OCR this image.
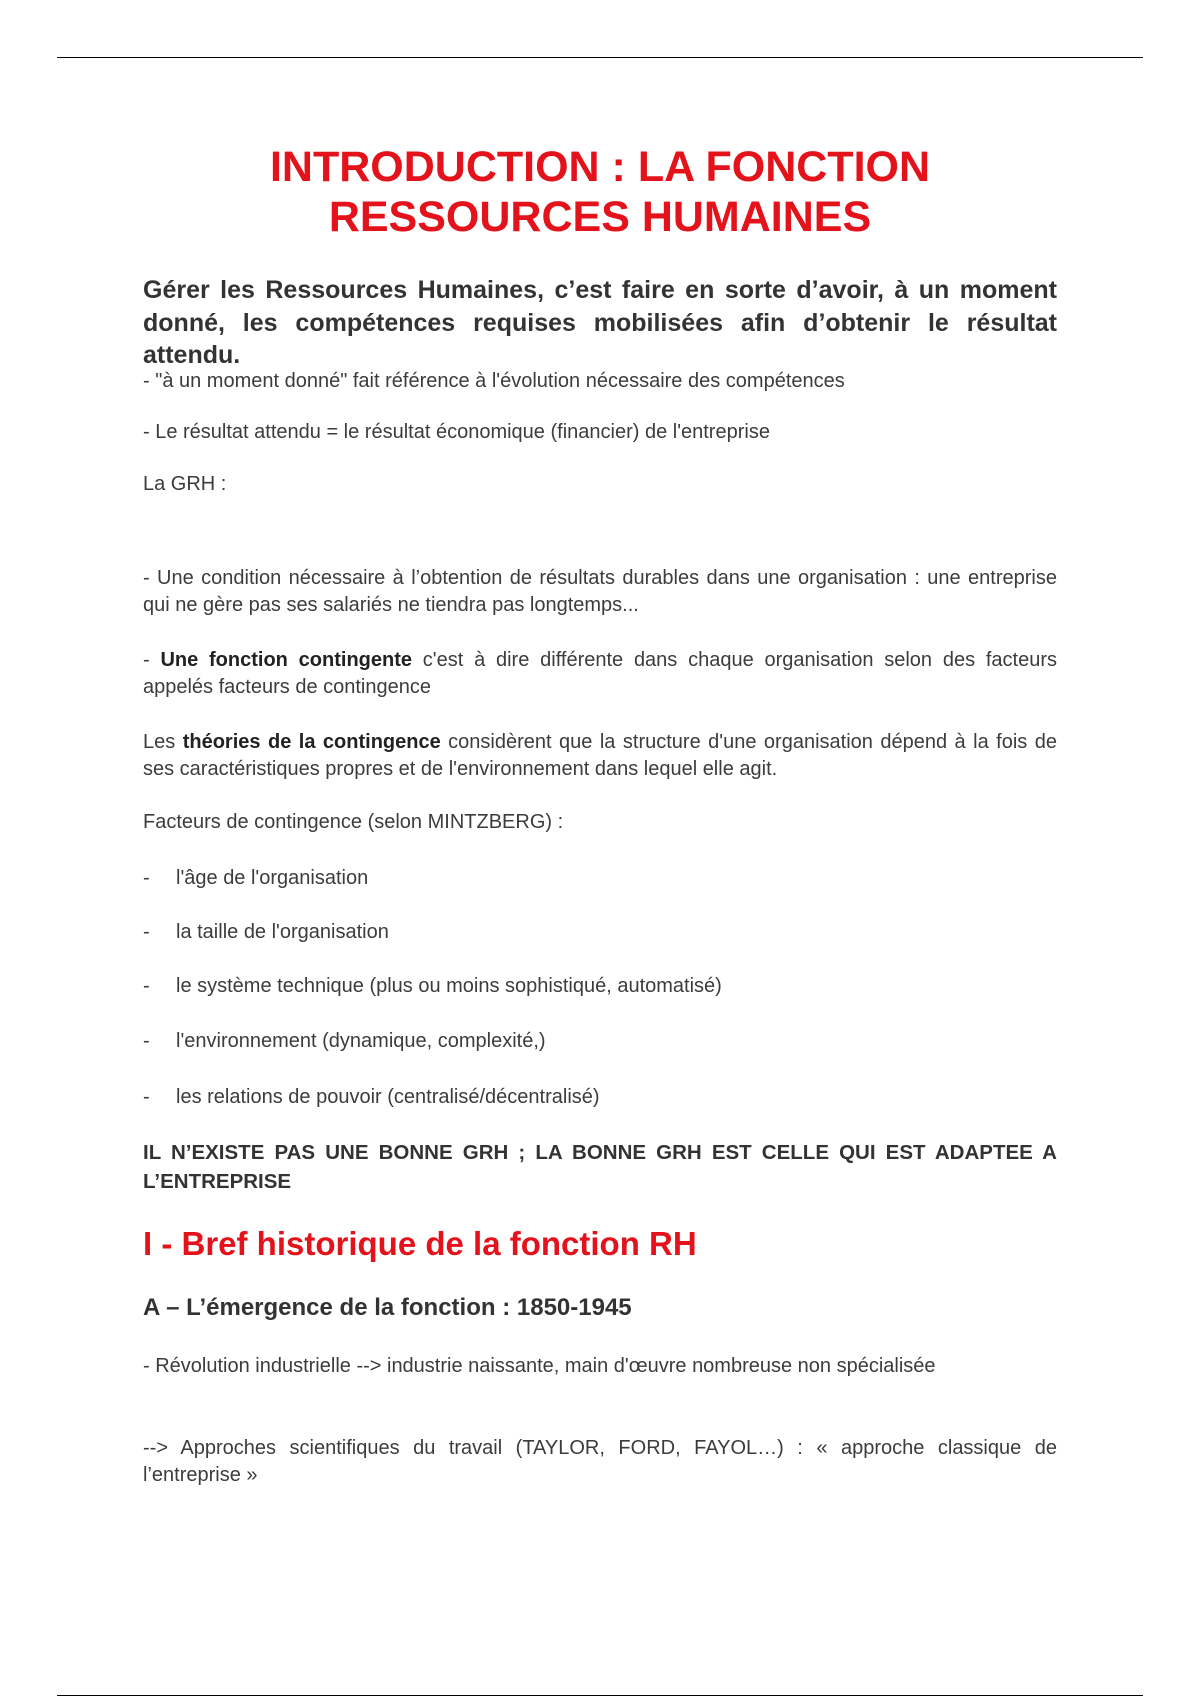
INTRODUCTION : LA FONCTION
RESSOURCES HUMAINES

Gérer les Ressources Humaines, c’est faire en sorte d’avoir, à un moment donné, les compétences requises mobilisées afin d’obtenir le résultat attendu.

- "à un moment donné" fait référence à l'évolution nécessaire des compétences

- Le résultat attendu = le résultat économique (financier) de l'entreprise

La GRH :

- Une condition nécessaire à l’obtention de résultats durables dans une organisation : une entreprise qui ne gère pas ses salariés ne tiendra pas longtemps...

- Une fonction contingente c'est à dire différente dans chaque organisation selon des facteurs appelés facteurs de contingence

Les théories de la contingence considèrent que la structure d'une organisation dépend à la fois de ses caractéristiques propres et de l'environnement dans lequel elle agit.

Facteurs de contingence (selon MINTZBERG) :

- l'âge de l'organisation
- la taille de l'organisation
- le système technique (plus ou moins sophistiqué, automatisé)
- l'environnement (dynamique, complexité,)
- les relations de pouvoir (centralisé/décentralisé)

IL N’EXISTE PAS UNE BONNE GRH ; LA BONNE GRH EST CELLE QUI EST ADAPTEE A L’ENTREPRISE

I - Bref historique de la fonction RH
A – L’émergence de la fonction : 1850-1945

- Révolution industrielle --> industrie naissante, main d'œuvre nombreuse non spécialisée

--> Approches scientifiques du travail (TAYLOR, FORD, FAYOL…) : « approche classique de l’entreprise »
